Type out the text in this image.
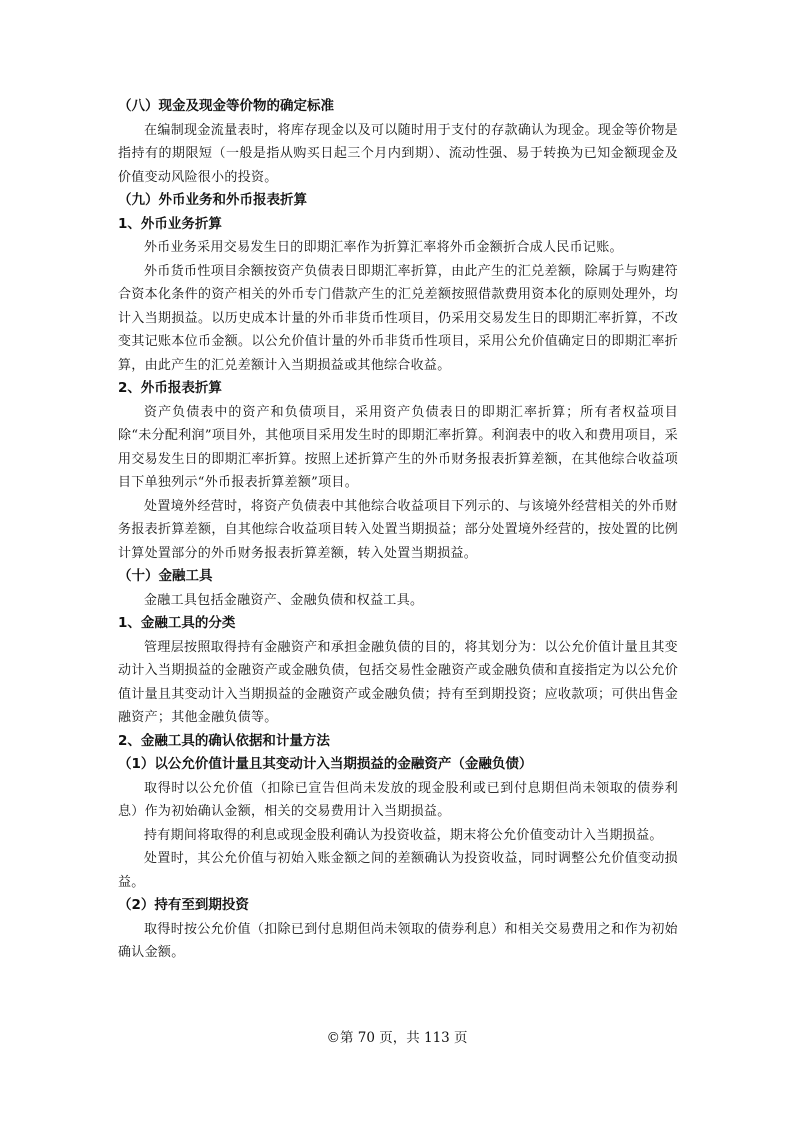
（八）现金及现金等价物的确定标准

在编制现金流量表时，将库存现金以及可以随时用于支付的存款确认为现金。现金等价物是指持有的期限短（一般是指从购买日起三个月内到期）、流动性强、易于转换为已知金额现金及价值变动风险很小的投资。

（九）外币业务和外币报表折算

1、外币业务折算

外币业务采用交易发生日的即期汇率作为折算汇率将外币金额折合成人民币记账。

外币货币性项目余额按资产负债表日即期汇率折算，由此产生的汇兑差额，除属于与购建符合资本化条件的资产相关的外币专门借款产生的汇兑差额按照借款费用资本化的原则处理外，均计入当期损益。以历史成本计量的外币非货币性项目，仍采用交易发生日的即期汇率折算，不改变其记账本位币金额。以公允价值计量的外币非货币性项目，采用公允价值确定日的即期汇率折算，由此产生的汇兑差额计入当期损益或其他综合收益。

2、外币报表折算

资产负债表中的资产和负债项目，采用资产负债表日的即期汇率折算；所有者权益项目除“未分配利润”项目外，其他项目采用发生时的即期汇率折算。利润表中的收入和费用项目，采用交易发生日的即期汇率折算。按照上述折算产生的外币财务报表折算差额，在其他综合收益项目下单独列示“外币报表折算差额”项目。

处置境外经营时，将资产负债表中其他综合收益项目下列示的、与该境外经营相关的外币财务报表折算差额，自其他综合收益项目转入处置当期损益；部分处置境外经营的，按处置的比例计算处置部分的外币财务报表折算差额，转入处置当期损益。

（十）金融工具

金融工具包括金融资产、金融负债和权益工具。

1、金融工具的分类

管理层按照取得持有金融资产和承担金融负债的目的，将其划分为：以公允价值计量且其变动计入当期损益的金融资产或金融负债，包括交易性金融资产或金融负债和直接指定为以公允价值计量且其变动计入当期损益的金融资产或金融负债；持有至到期投资；应收款项；可供出售金融资产；其他金融负债等。

2、金融工具的确认依据和计量方法

（1）以公允价值计量且其变动计入当期损益的金融资产（金融负债）

取得时以公允价值（扣除已宣告但尚未发放的现金股利或已到付息期但尚未领取的债券利息）作为初始确认金额，相关的交易费用计入当期损益。

持有期间将取得的利息或现金股利确认为投资收益，期末将公允价值变动计入当期损益。

处置时，其公允价值与初始入账金额之间的差额确认为投资收益，同时调整公允价值变动损益。

（2）持有至到期投资

取得时按公允价值（扣除已到付息期但尚未领取的债券利息）和相关交易费用之和作为初始确认金额。

©第 70 页，共 113 页
